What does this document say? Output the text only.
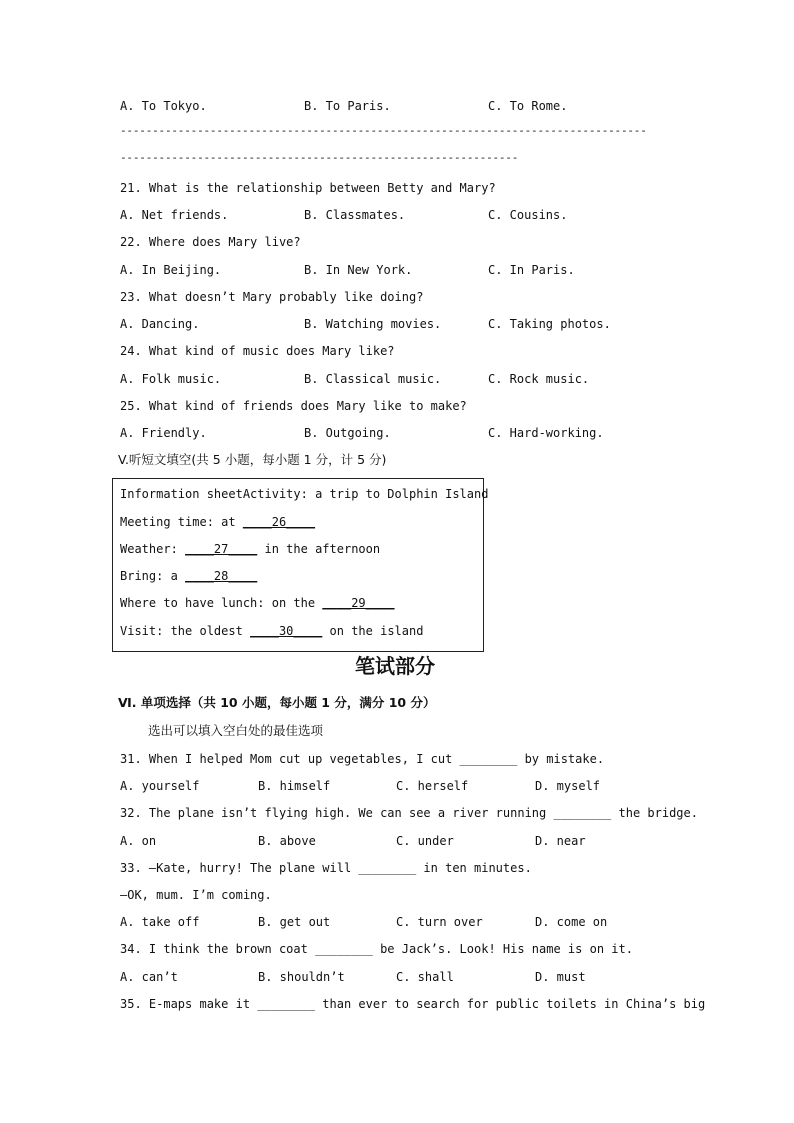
A. To Tokyo.	B. To Paris.	C. To Rome.
----------------------------------------------------------------------------------
--------------------------------------------------------------
21. What is the relationship between Betty and Mary?
A. Net friends.	B. Classmates.	C. Cousins.
22. Where does Mary live?
A. In Beijing.	B. In New York.	C. In Paris.
23. What doesn’t Mary probably like doing?
A. Dancing.	B. Watching movies.	C. Taking photos.
24. What kind of music does Mary like?
A. Folk music.	B. Classical music.	C. Rock music.
25. What kind of friends does Mary like to make?
A. Friendly.	B. Outgoing.	C. Hard-working.
V.听短文填空(共 5 小题，每小题 1 分，计 5 分)
Information sheetActivity: a trip to Dolphin Island
Meeting time: at ____26____
Weather: ____27____ in the afternoon
Bring: a ____28____
Where to have lunch: on the ____29____
Visit: the oldest ____30____ on the island
笔试部分
Ⅵ. 单项选择（共 10 小题，每小题 1 分，满分 10 分）
选出可以填入空白处的最佳选项
31. When I helped Mom cut up vegetables, I cut ________ by mistake.
A. yourself	B. himself	C. herself	D. myself
32. The plane isn’t flying high. We can see a river running ________ the bridge.
A. on	B. above	C. under	D. near
33. —Kate, hurry! The plane will ________ in ten minutes.
—OK, mum. I’m coming.
A. take off	B. get out	C. turn over	D. come on
34. I think the brown coat ________ be Jack’s. Look! His name is on it.
A. can’t	B. shouldn’t	C. shall	D. must
35. E-maps make it ________ than ever to search for public toilets in China’s big
